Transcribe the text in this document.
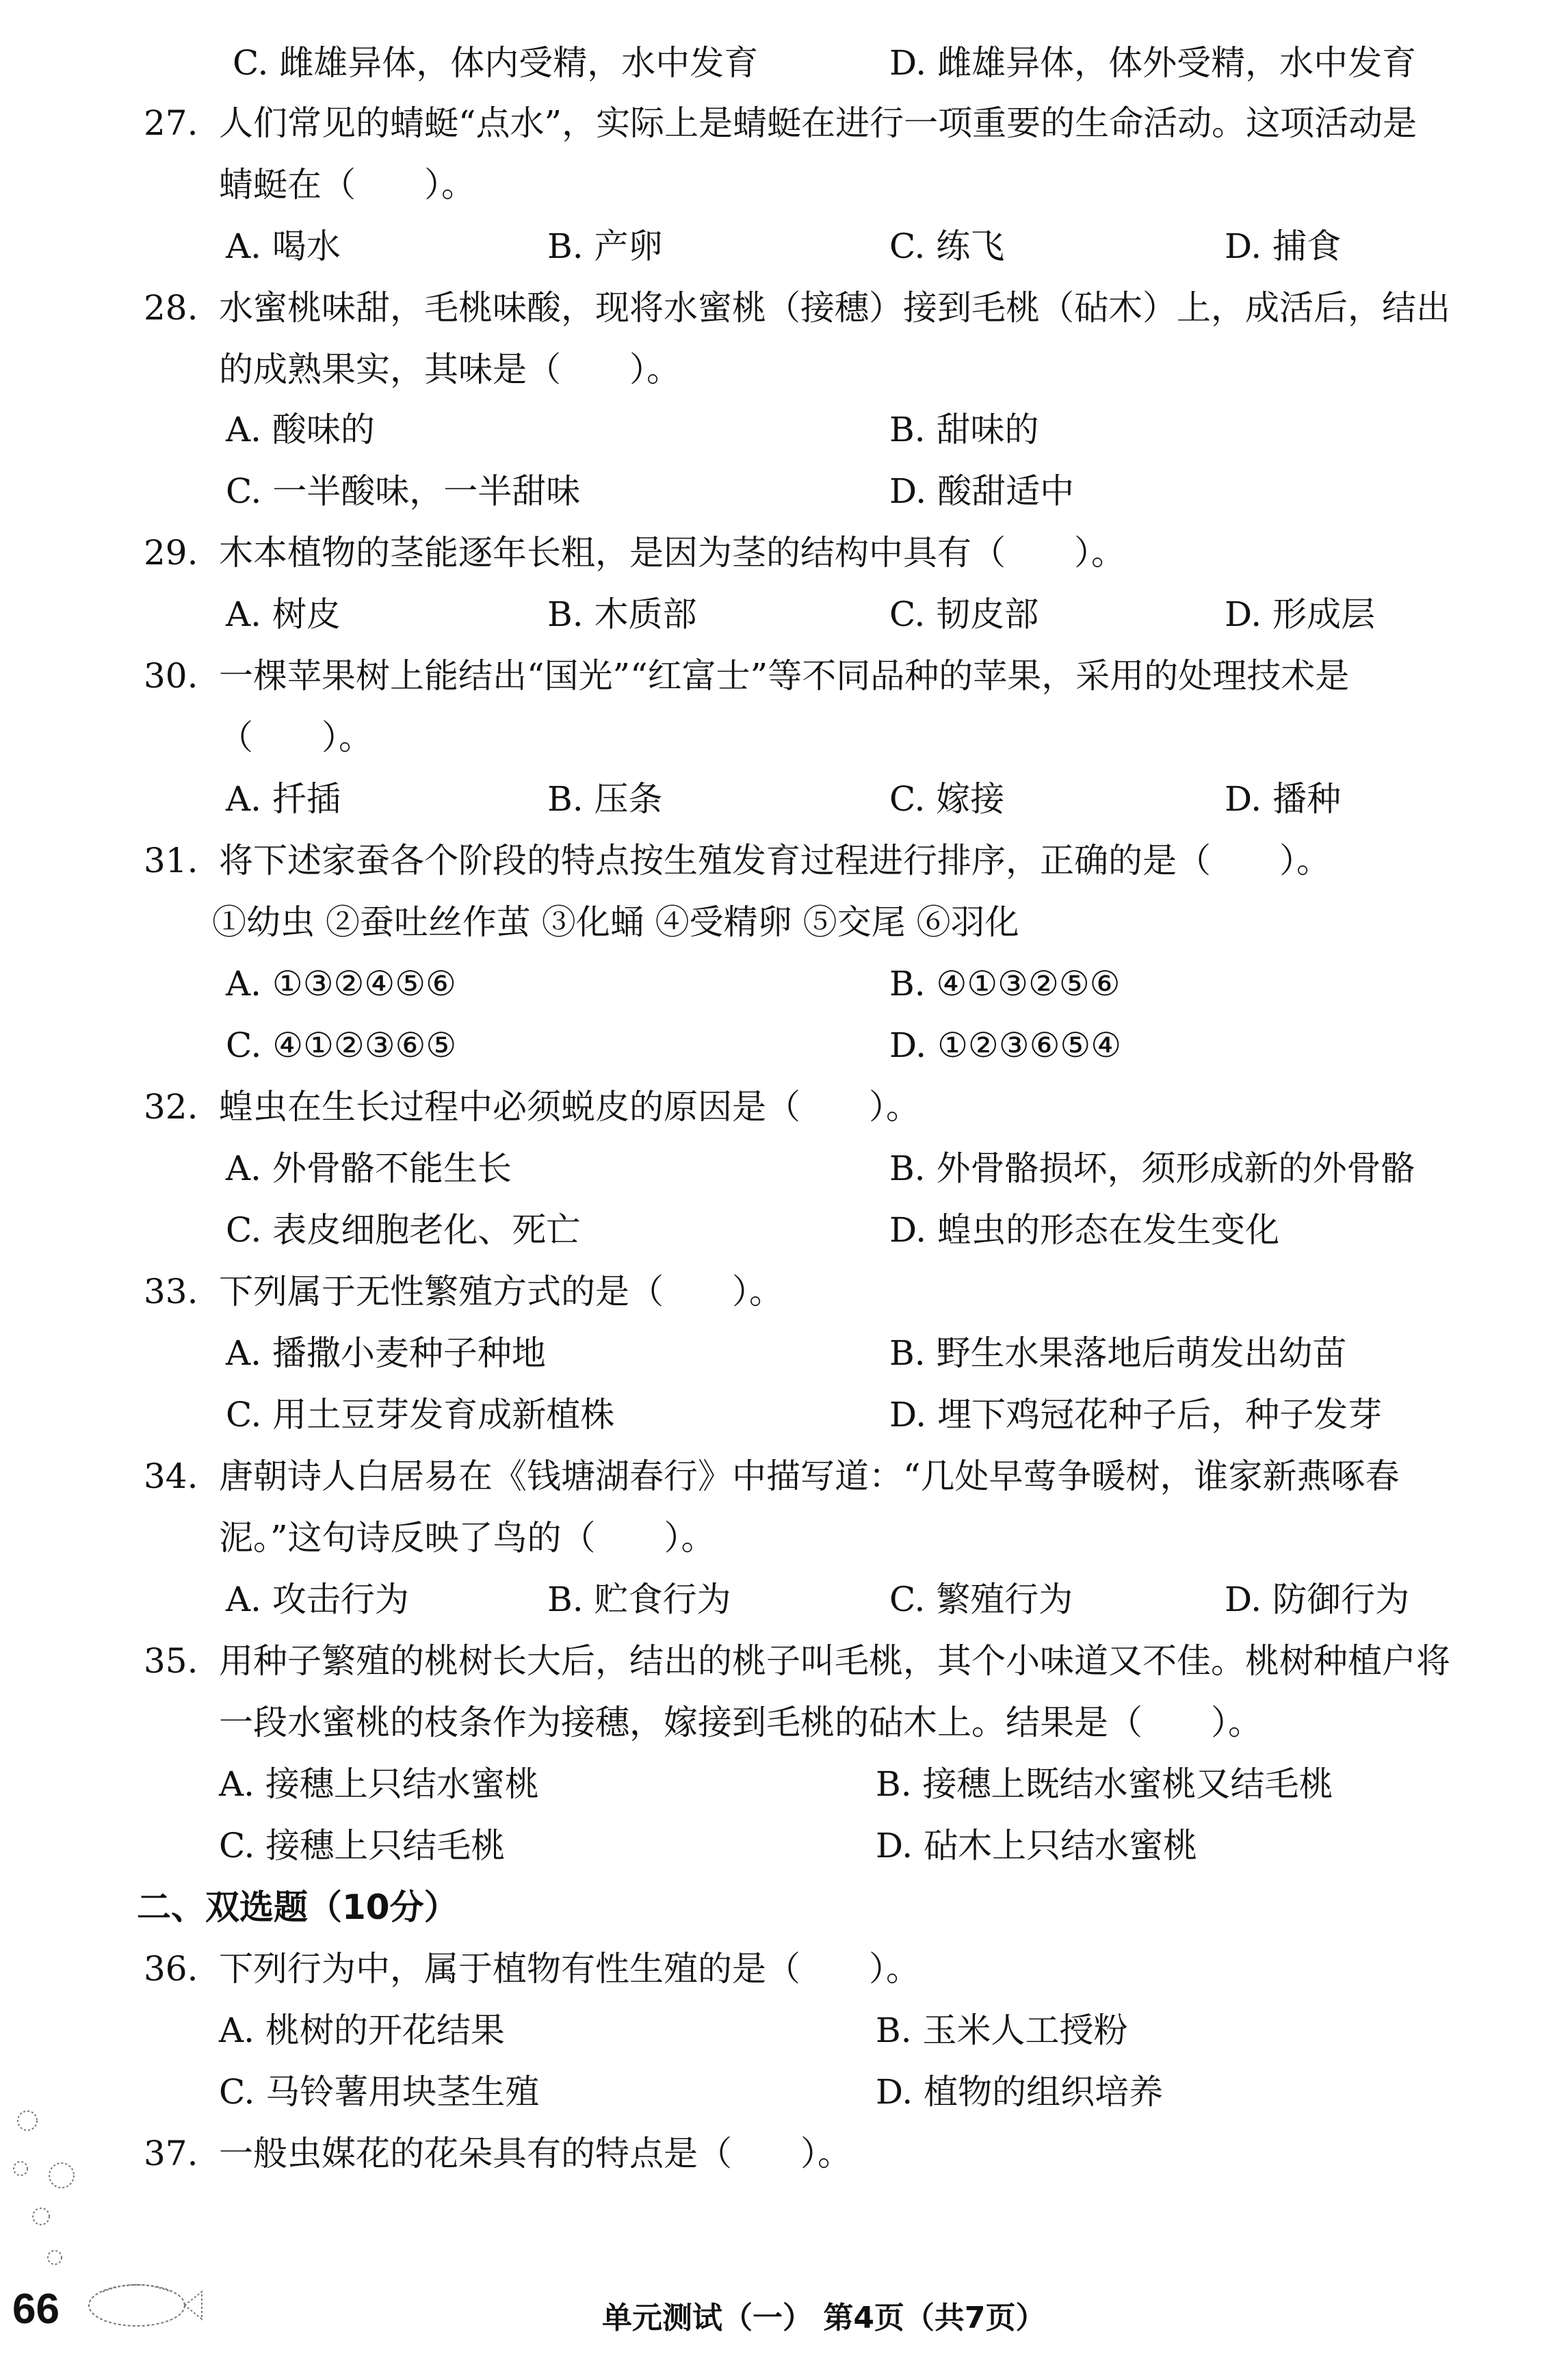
C. 雌雄异体，体内受精，水中发育	D. 雌雄异体，体外受精，水中发育
27. 人们常见的蜻蜓“点水”，实际上是蜻蜓在进行一项重要的生命活动。这项活动是
蜻蜓在（　　）。
A. 喝水	B. 产卵	C. 练飞	D. 捕食
28. 水蜜桃味甜，毛桃味酸，现将水蜜桃（接穗）接到毛桃（砧木）上，成活后，结出
的成熟果实，其味是（　　）。
A. 酸味的	B. 甜味的
C. 一半酸味，一半甜味	D. 酸甜适中
29. 木本植物的茎能逐年长粗，是因为茎的结构中具有（　　）。
A. 树皮	B. 木质部	C. 韧皮部	D. 形成层
30. 一棵苹果树上能结出“国光”“红富士”等不同品种的苹果，采用的处理技术是
（　　）。
A. 扦插	B. 压条	C. 嫁接	D. 播种
31. 将下述家蚕各个阶段的特点按生殖发育过程进行排序，正确的是（　　）。
①幼虫 ②蚕吐丝作茧 ③化蛹 ④受精卵 ⑤交尾 ⑥羽化
A. ①③②④⑤⑥	B. ④①③②⑤⑥
C. ④①②③⑥⑤	D. ①②③⑥⑤④
32. 蝗虫在生长过程中必须蜕皮的原因是（　　）。
A. 外骨骼不能生长	B. 外骨骼损坏，须形成新的外骨骼
C. 表皮细胞老化、死亡	D. 蝗虫的形态在发生变化
33. 下列属于无性繁殖方式的是（　　）。
A. 播撒小麦种子种地	B. 野生水果落地后萌发出幼苗
C. 用土豆芽发育成新植株	D. 埋下鸡冠花种子后，种子发芽
34. 唐朝诗人白居易在《钱塘湖春行》中描写道：“几处早莺争暖树，谁家新燕啄春
泥。”这句诗反映了鸟的（　　）。
A. 攻击行为	B. 贮食行为	C. 繁殖行为	D. 防御行为
35. 用种子繁殖的桃树长大后，结出的桃子叫毛桃，其个小味道又不佳。桃树种植户将
一段水蜜桃的枝条作为接穗，嫁接到毛桃的砧木上。结果是（　　）。
A. 接穗上只结水蜜桃	B. 接穗上既结水蜜桃又结毛桃
C. 接穗上只结毛桃	D. 砧木上只结水蜜桃
二、双选题（10分）
36. 下列行为中，属于植物有性生殖的是（　　）。
A. 桃树的开花结果	B. 玉米人工授粉
C. 马铃薯用块茎生殖	D. 植物的组织培养
37. 一般虫媒花的花朵具有的特点是（　　）。
66	单元测试（一） 第4页（共7页）
